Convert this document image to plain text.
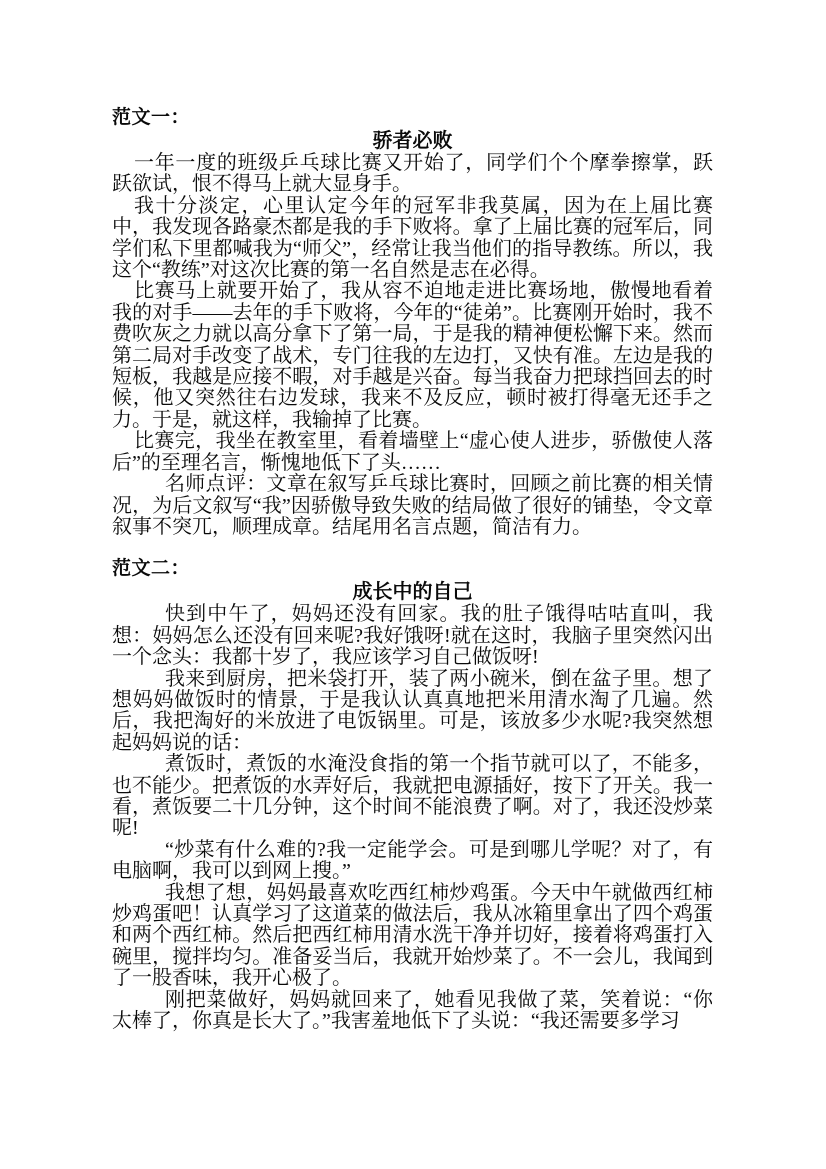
范文一：
骄者必败

一年一度的班级乒乓球比赛又开始了，同学们个个摩拳擦掌，跃跃欲试，恨不得马上就大显身手。

我十分淡定，心里认定今年的冠军非我莫属，因为在上届比赛中，我发现各路豪杰都是我的手下败将。拿了上届比赛的冠军后，同学们私下里都喊我为“师父”，经常让我当他们的指导教练。所以，我这个“教练”对这次比赛的第一名自然是志在必得。

比赛马上就要开始了，我从容不迫地走进比赛场地，傲慢地看着我的对手——去年的手下败将，今年的“徒弟”。比赛刚开始时，我不费吹灰之力就以高分拿下了第一局，于是我的精神便松懈下来。然而第二局对手改变了战术，专门往我的左边打，又快有准。左边是我的短板，我越是应接不暇，对手越是兴奋。每当我奋力把球挡回去的时候，他又突然往右边发球，我来不及反应，顿时被打得毫无还手之力。于是，就这样，我输掉了比赛。

比赛完，我坐在教室里，看着墙壁上“虚心使人进步，骄傲使人落后”的至理名言，惭愧地低下了头……

名师点评：文章在叙写乒乓球比赛时，回顾之前比赛的相关情况，为后文叙写“我”因骄傲导致失败的结局做了很好的铺垫，令文章叙事不突兀，顺理成章。结尾用名言点题，简洁有力。

范文二：
成长中的自己

快到中午了，妈妈还没有回家。我的肚子饿得咕咕直叫，我想：妈妈怎么还没有回来呢?我好饿呀!就在这时，我脑子里突然闪出一个念头：我都十岁了，我应该学习自己做饭呀!

我来到厨房，把米袋打开，装了两小碗米，倒在盆子里。想了想妈妈做饭时的情景，于是我认认真真地把米用清水淘了几遍。然后，我把淘好的米放进了电饭锅里。可是，该放多少水呢?我突然想起妈妈说的话：

煮饭时，煮饭的水淹没食指的第一个指节就可以了，不能多，也不能少。把煮饭的水弄好后，我就把电源插好，按下了开关。我一看，煮饭要二十几分钟，这个时间不能浪费了啊。对了，我还没炒菜呢!

“炒菜有什么难的?我一定能学会。可是到哪儿学呢？对了，有电脑啊，我可以到网上搜。”

我想了想，妈妈最喜欢吃西红柿炒鸡蛋。今天中午就做西红柿炒鸡蛋吧！认真学习了这道菜的做法后，我从冰箱里拿出了四个鸡蛋和两个西红柿。然后把西红柿用清水洗干净并切好，接着将鸡蛋打入碗里，搅拌均匀。准备妥当后，我就开始炒菜了。不一会儿，我闻到了一股香味，我开心极了。

刚把菜做好，妈妈就回来了，她看见我做了菜，笑着说：“你太棒了，你真是长大了。”我害羞地低下了头说：“我还需要多学习
